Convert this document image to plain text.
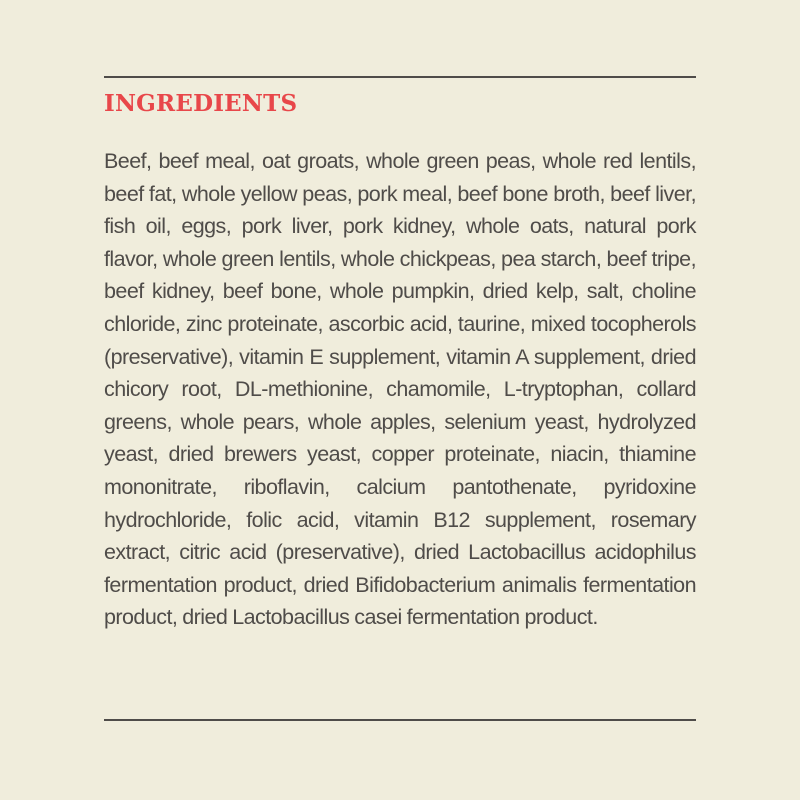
INGREDIENTS

Beef, beef meal, oat groats, whole green peas, whole red lentils, beef fat, whole yellow peas, pork meal, beef bone broth, beef liver, fish oil, eggs, pork liver, pork kidney, whole oats, natural pork flavor, whole green lentils, whole chickpeas, pea starch, beef tripe, beef kidney, beef bone, whole pumpkin, dried kelp, salt, choline chloride, zinc proteinate, ascorbic acid, taurine, mixed tocopherols (preservative), vitamin E supplement, vitamin A supplement, dried chicory root, DL-methionine, chamomile, L-tryptophan, collard greens, whole pears, whole apples, selenium yeast, hydrolyzed yeast, dried brewers yeast, copper proteinate, niacin, thiamine mononitrate, riboflavin, calcium pantothenate, pyridoxine hydrochloride, folic acid, vitamin B12 supplement, rosemary extract, citric acid (preservative), dried Lactobacillus acidophilus fermentation product, dried Bifidobacterium animalis fermentation product, dried Lactobacillus casei fermentation product.
